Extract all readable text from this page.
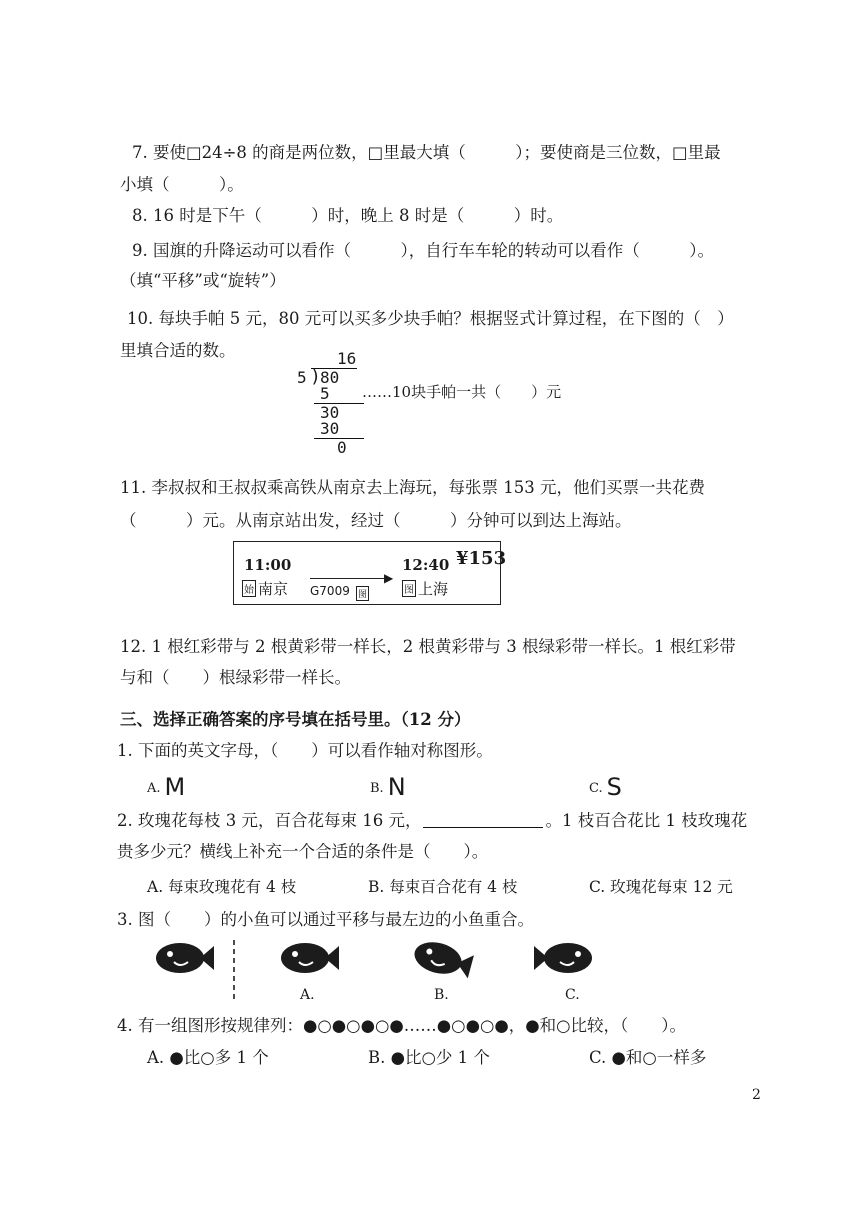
7. 要使□24÷8 的商是两位数，□里最大填（　　　）；要使商是三位数，□里最
小填（　　　）。
8. 16 时是下午（　　　）时，晚上 8 时是（　　　）时。
9. 国旗的升降运动可以看作（　　　），自行车车轮的转动可以看作（　　　）。
（填“平移”或“旋转”）
10. 每块手帕 5 元，80 元可以买多少块手帕？根据竖式计算过程，在下图的（　）
里填合适的数。	16
5 ) 80
5
30
30
0
……10块手帕一共（　　）元
11. 李叔叔和王叔叔乘高铁从南京去上海玩，每张票 153 元，他们买票一共花费
（　　　）元。从南京站出发，经过（　　　）分钟可以到达上海站。
11:00	12:40 ¥153
始 南京
▶
G7009 图	图 上海
12. 1 根红彩带与 2 根黄彩带一样长，2 根黄彩带与 3 根绿彩带一样长。1 根红彩带
与和（　　）根绿彩带一样长。
三、选择正确答案的序号填在括号里。（12 分）
1. 下面的英文字母，（　　）可以看作轴对称图形。
A. M	B. N	C. S
2. 玫瑰花每枝 3 元，百合花每束 16 元，	。1 枝百合花比 1 枝玫瑰花
贵多少元？横线上补充一个合适的条件是（　　）。
A. 每束玫瑰花有 4 枝	B. 每束百合花有 4 枝	C. 玫瑰花每束 12 元
3. 图（　　）的小鱼可以通过平移与最左边的小鱼重合。
A.	B.	C.
4. 有一组图形按规律列：●○●○●○●……●○●○●，●和○比较，（　　）。
A. ●比○多 1 个	B. ●比○少 1 个	C. ●和○一样多
2
